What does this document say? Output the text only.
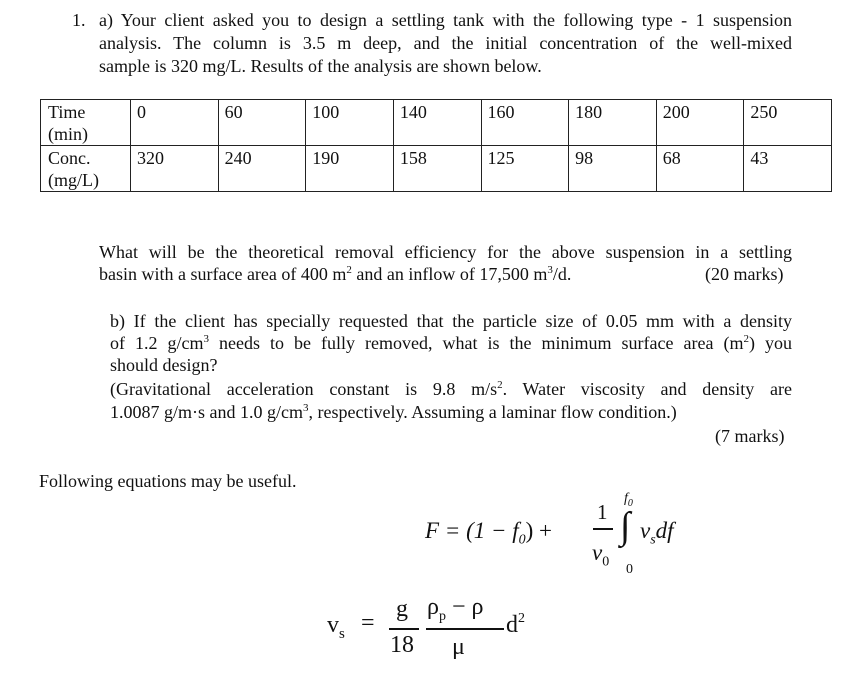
1. a) Your client asked you to design a settling tank with the following type - 1 suspension
analysis. The column is 3.5 m deep, and the initial concentration of the well-mixed
sample is 320 mg/L. Results of the analysis are shown below.
Time
(min)	0	60	100	140	160	180	200	250

Conc.
(mg/L)	320	240	190	158	125	98	68	43
What will be the theoretical removal efficiency for the above suspension in a settling
basin with a surface area of 400 $m^2$ and an inflow of 17,500 $m^3/d$.	(20 marks)
b) If the client has specially requested that the particle size of 0.05 mm with a density
of 1.2 $g/cm^3$ needs to be fully removed, what is the minimum surface area $(m^2)$ you
should design?
(Gravitational acceleration constant is 9.8 $m/s^2$. Water viscosity and density are
1.0087 g/m·s and 1.0 $g/cm^3$, respectively. Assuming a laminar flow condition.)
(7 marks)
Following equations may be useful.
$F = (1 - f_0)$ +
1
$v_0$
$f_0$
∫
0
$v_sdf$
$v_s$ =
g
18
$\rho_p - \rho$
μ
$d^2$
